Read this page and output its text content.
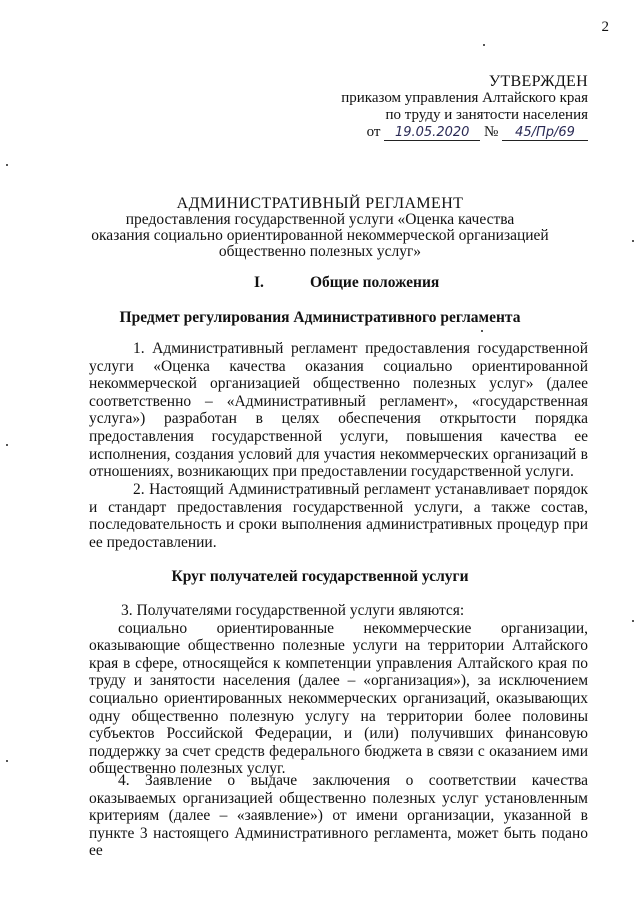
2
УТВЕРЖДЕН
приказом управления Алтайского края
по труду и занятости населения
от 19.05.2020 № 45/Пр/69
АДМИНИСТРАТИВНЫЙ РЕГЛАМЕНТ
предоставления государственной услуги «Оценка качества
оказания социально ориентированной некоммерческой организацией
общественно полезных услуг»
I.	Общие положения
Предмет регулирования Административного регламента

1. Административный регламент предоставления государственной услуги «Оценка качества оказания социально ориентированной некоммерческой организацией общественно полезных услуг» (далее соответственно – «Административный регламент», «государственная услуга») разработан в целях обеспечения открытости порядка предоставления государственной услуги, повышения качества ее исполнения, создания условий для участия некоммерческих организаций в отношениях, возникающих при предоставлении государственной услуги.

2. Настоящий Административный регламент устанавливает порядок и стандарт предоставления государственной услуги, а также состав, последовательность и сроки выполнения административных процедур при ее предоставлении.

Круг получателей государственной услуги

3. Получателями государственной услуги являются:

социально ориентированные некоммерческие организации, оказывающие общественно полезные услуги на территории Алтайского края в сфере, относящейся к компетенции управления Алтайского края по труду и занятости населения (далее – «организация»), за исключением социально ориентированных некоммерческих организаций, оказывающих одну общественно полезную услугу на территории более половины субъектов Российской Федерации, и (или) получивших финансовую поддержку за счет средств федерального бюджета в связи с оказанием ими общественно полезных услуг.

4. Заявление о выдаче заключения о соответствии качества оказываемых организацией общественно полезных услуг установленным критериям (далее – «заявление») от имени организации, указанной в пункте 3 настоящего Административного регламента, может быть подано ее
